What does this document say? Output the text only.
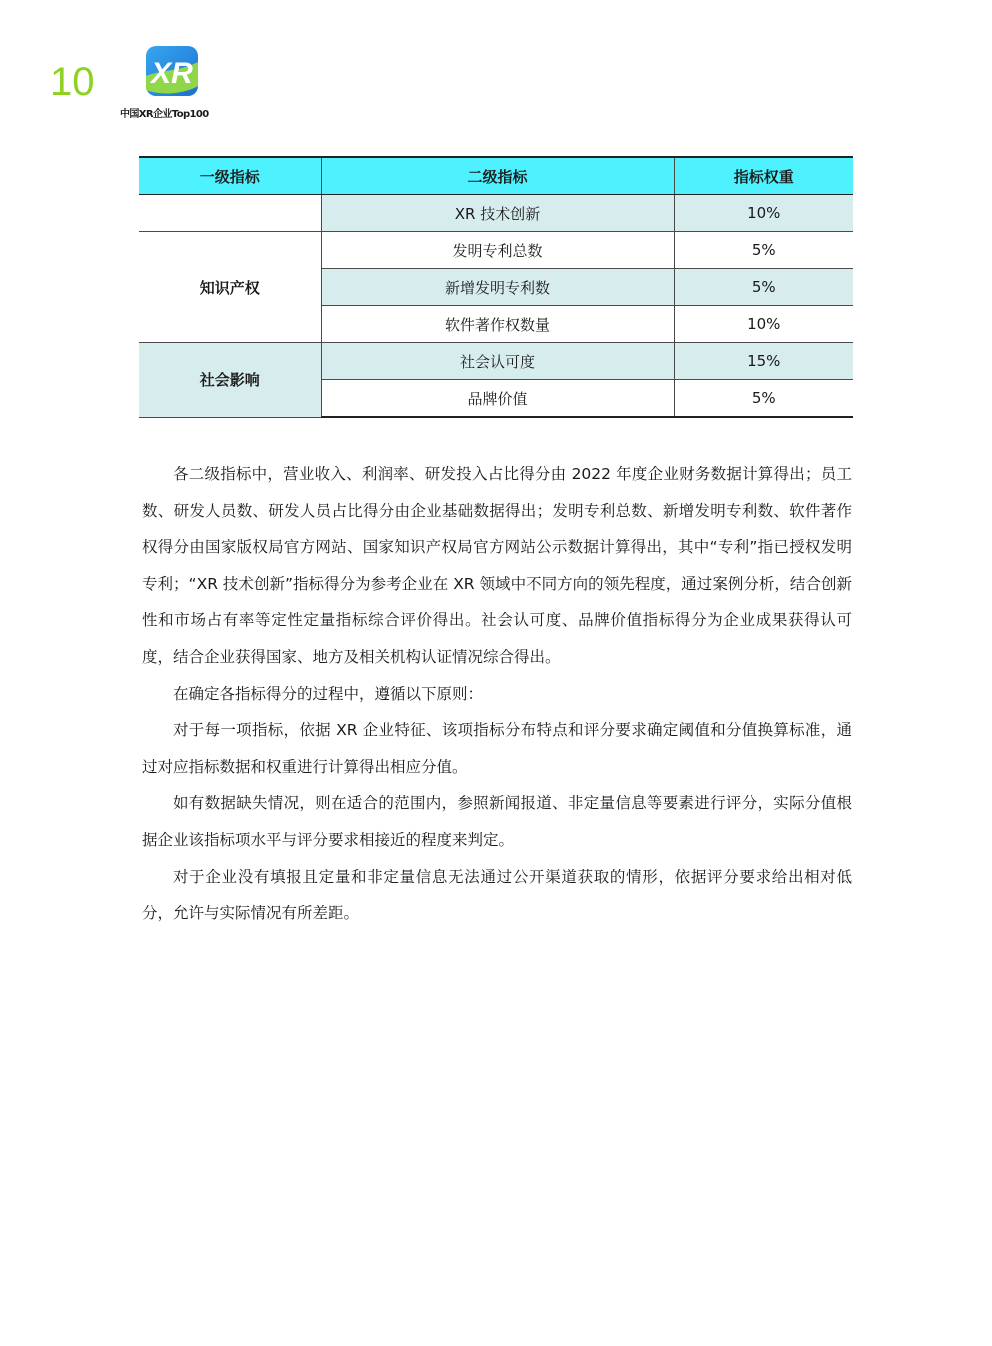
10 XR
中国XR企业Top100
一级指标	二级指标	指标权重
	XR 技术创新	10%
知识产权	发明专利总数	5%
	新增发明专利数	5%
	软件著作权数量	10%
社会影响	社会认可度	15%
	品牌价值	5%

各二级指标中，营业收入、利润率、研发投入占比得分由 2022 年度企业财务数据计算得出；员工数、研发人员数、研发人员占比得分由企业基础数据得出；发明专利总数、新增发明专利数、软件著作权得分由国家版权局官方网站、国家知识产权局官方网站公示数据计算得出，其中“专利”指已授权发明专利；“XR 技术创新”指标得分为参考企业在 XR 领域中不同方向的领先程度，通过案例分析，结合创新性和市场占有率等定性定量指标综合评价得出。社会认可度、品牌价值指标得分为企业成果获得认可度，结合企业获得国家、地方及相关机构认证情况综合得出。

在确定各指标得分的过程中，遵循以下原则：

对于每一项指标，依据 XR 企业特征、该项指标分布特点和评分要求确定阈值和分值换算标准，通过对应指标数据和权重进行计算得出相应分值。

如有数据缺失情况，则在适合的范围内，参照新闻报道、非定量信息等要素进行评分，实际分值根据企业该指标项水平与评分要求相接近的程度来判定。

对于企业没有填报且定量和非定量信息无法通过公开渠道获取的情形，依据评分要求给出相对低分，允许与实际情况有所差距。
